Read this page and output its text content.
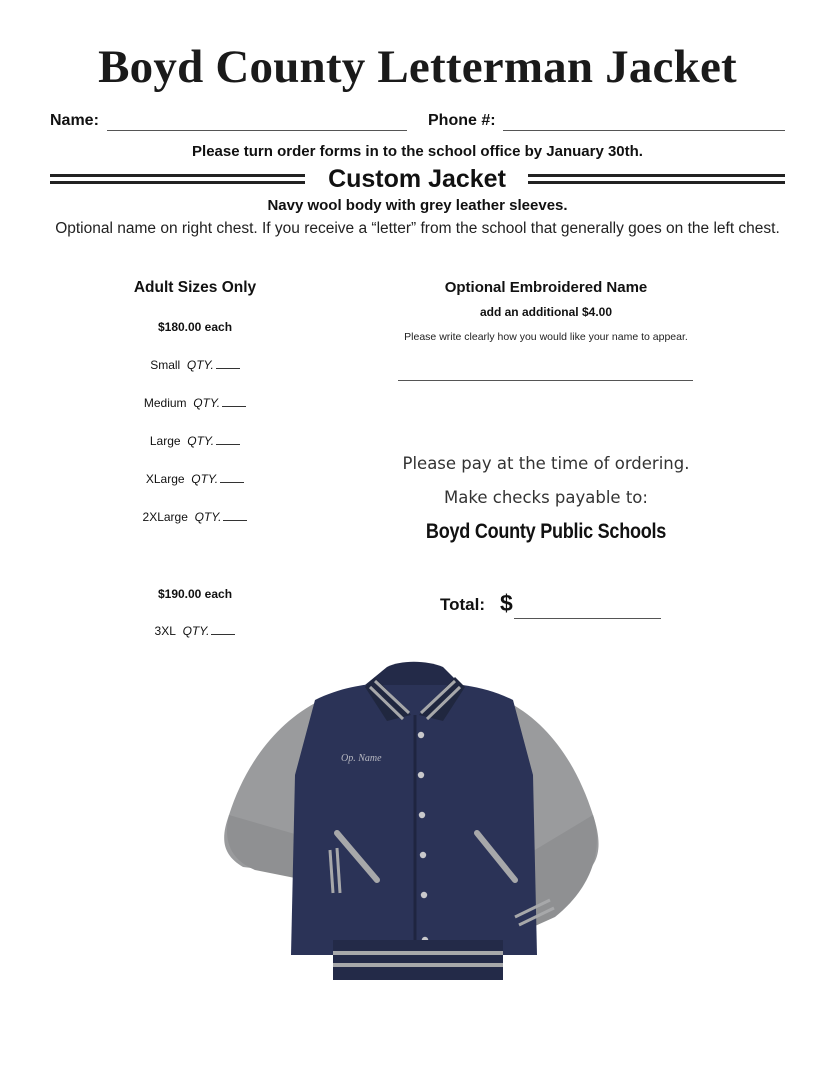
Boyd County Letterman Jacket
Name:	Phone #:
Please turn order forms in to the school office by January 30th.
Custom Jacket
Navy wool body with grey leather sleeves.
Optional name on right chest. If you receive a “letter” from the school that generally goes on the left chest.
Adult Sizes Only
$180.00 each
Small QTY.
Medium QTY.
Large QTY.
XLarge QTY.
2XLarge QTY.
$190.00 each
3XL QTY.
Optional Embroidered Name
add an additional $4.00
Please write clearly how you would like your name to appear.
Please pay at the time of ordering.
Make checks payable to:
Boyd County Public Schools
Total: $
Op. Name
